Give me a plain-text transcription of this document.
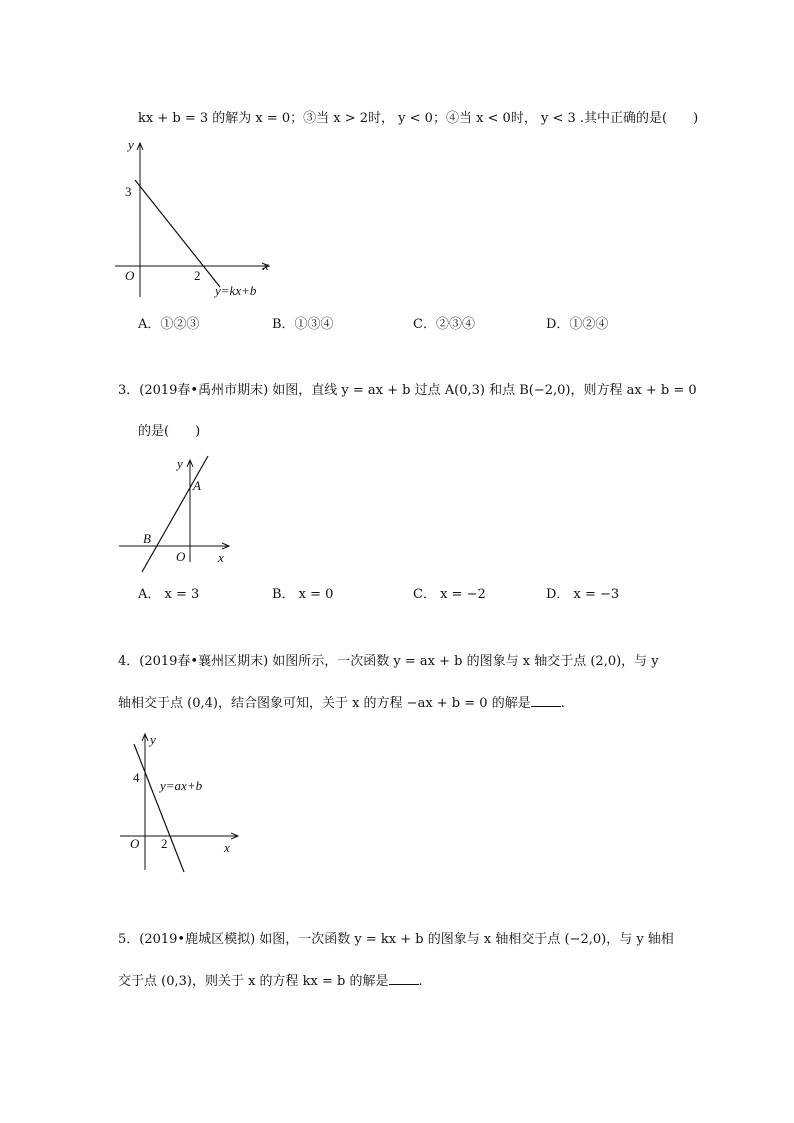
kx + b = 3 的解为 x = 0；③当 x > 2时， y < 0；④当 x < 0时， y < 3 .其中正确的是(　　)
y
x
O
3
2
y=kx+b
A．①②③	B．①③④	C．②③④	D．①②④
3．(2019春•禹州市期末) 如图，直线 y = ax + b 过点 A(0,3) 和点 B(−2,0)，则方程 ax + b = 0
的是(　　)
y
x
O
A
B
A． x = 3	B． x = 0	C． x = −2	D． x = −3
4．(2019春•襄州区期末) 如图所示，一次函数 y = ax + b 的图象与 x 轴交于点 (2,0)，与 y
轴相交于点 (0,4)，结合图象可知，关于 x 的方程 −ax + b = 0 的解是 .
y
x
O
4
2
y=ax+b
5．(2019•鹿城区模拟) 如图，一次函数 y = kx + b 的图象与 x 轴相交于点 (−2,0)，与 y 轴相
交于点 (0,3)，则关于 x 的方程 kx = b 的解是 .
